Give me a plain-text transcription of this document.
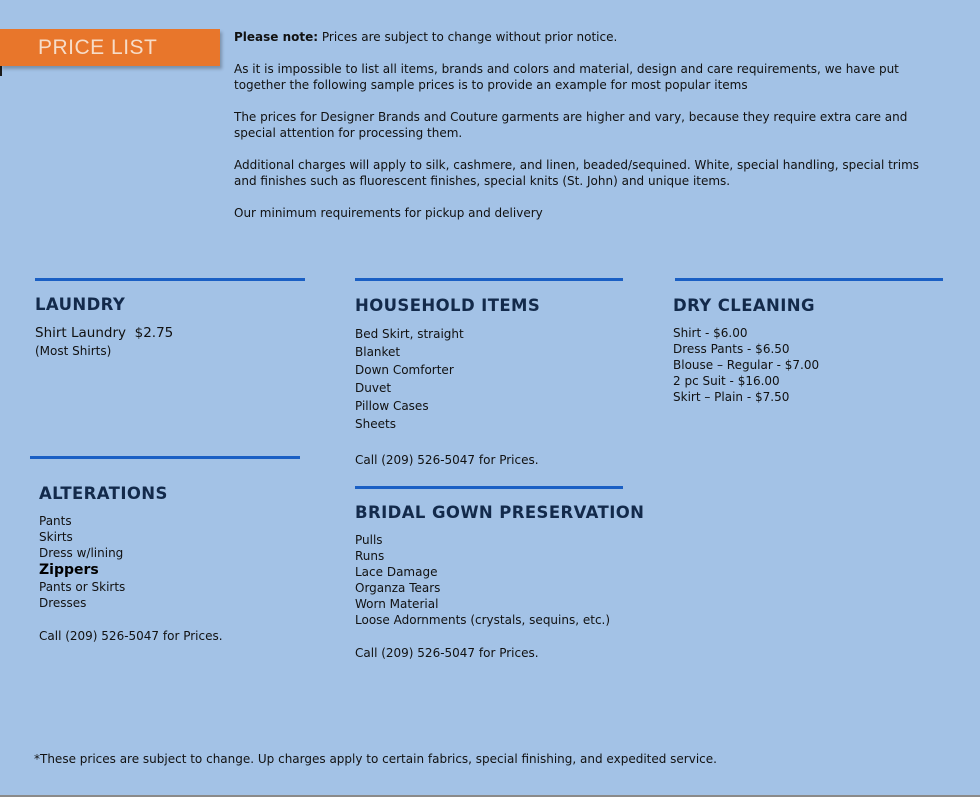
PRICE LIST	Please note: Prices are subject to change without prior notice.
As it is impossible to list all items, brands and colors and material, design and care requirements, we have put together the following sample prices is to provide an example for most popular items
The prices for Designer Brands and Couture garments are higher and vary, because they require extra care and special attention for processing them.
Additional charges will apply to silk, cashmere, and linen, beaded/sequined. White, special handling, special trims and finishes such as fluorescent finishes, special knits (St. John) and unique items.
Our minimum requirements for pickup and delivery
LAUNDRY
Shirt Laundry  $2.75
(Most Shirts)
HOUSEHOLD ITEMS
Bed Skirt, straight
Blanket
Down Comforter
Duvet
Pillow Cases
Sheets
Call (209) 526-5047 for Prices.
DRY CLEANING
Shirt - $6.00
Dress Pants - $6.50
Blouse – Regular - $7.00
2 pc Suit - $16.00
Skirt – Plain - $7.50
ALTERATIONS
Pants
Skirts
Dress w/lining
Zippers
Pants or Skirts
Dresses
Call (209) 526-5047 for Prices.
BRIDAL GOWN PRESERVATION
Pulls
Runs
Lace Damage
Organza Tears
Worn Material
Loose Adornments (crystals, sequins, etc.)
Call (209) 526-5047 for Prices.
*These prices are subject to change. Up charges apply to certain fabrics, special finishing, and expedited service.
